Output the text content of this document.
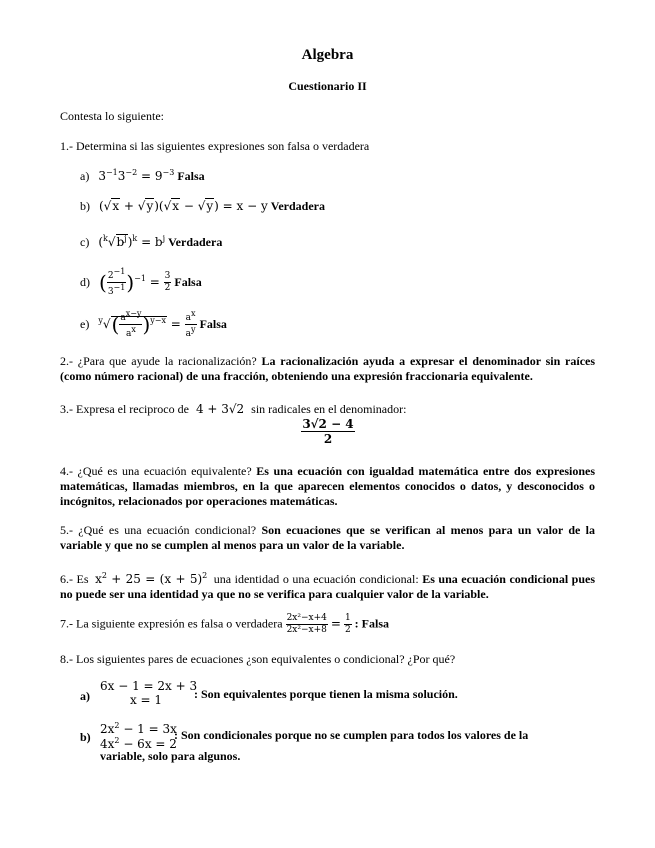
Algebra
Cuestionario II
Contesta lo siguiente:
1.- Determina si las siguientes expresiones son falsa o verdadera
a) $3^{-1}3^{-2} = 9^{-3}$ Falsa
b) (√x + √y)(√x − √y) = x − y Verdadera
c) $(^k√b^j)^k = b^j$ Verdadera
d) ( $\frac{2^{-1}}{3^{-1}} )^{-1} = \frac{3}{2}$ Falsa
e) $^y√( \frac{a^{x-y}}{a^x} )^{y-x} = \frac{a^x}{a^y}$ Falsa
2.- ¿Para que ayude la racionalización? La racionalización ayuda a expresar el denominador sin raíces (como número racional) de una fracción, obteniendo una expresión fraccionaria equivalente.
3.- Expresa el reciproco de 4 + 3√2 sin radicales en el denominador:
$\frac{3√2 - 4}{2}$
4.- ¿Qué es una ecuación equivalente? Es una ecuación con igualdad matemática entre dos expresiones matemáticas, llamadas miembros, en la que aparecen elementos conocidos o datos, y desconocidos o incógnitos, relacionados por operaciones matemáticas.
5.- ¿Qué es una ecuación condicional? Son ecuaciones que se verifican al menos para un valor de la variable y que no se cumplen al menos para un valor de la variable.
6.- Es $x^2 + 25 = (x + 5)^2$ una identidad o una ecuación condicional: Es una ecuación condicional pues no puede ser una identidad ya que no se verifica para cualquier valor de la variable.
7.- La siguiente expresión es falsa o verdadera $\frac{\text{2x²−x+4}}{\text{2x²−x+8}} = \frac{1}{2}$ : Falsa
8.- Los siguientes pares de ecuaciones ¿son equivalentes o condicional? ¿Por qué?
a)
6x − 1 = 2x + 3
x = 1	: Son equivalentes porque tienen la misma solución.
b)
$2x^2 - 1 = 3x$
$4x^2 - 6x = 2$
: Son condicionales porque no se cumplen para todos los valores de la
variable, solo para algunos.
